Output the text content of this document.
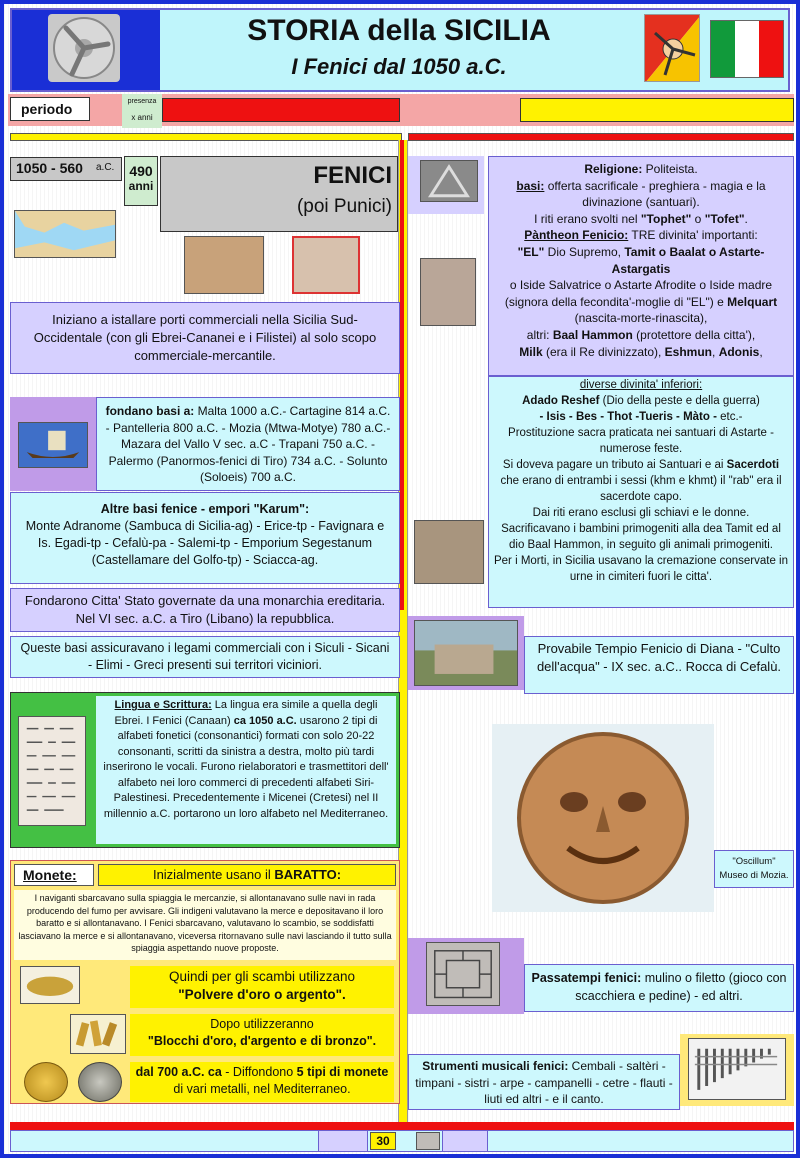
STORIA della SICILIA
I Fenici dal 1050 a.C.
periodo	presenza
x anni
1050 - 560 a.C.	490
anni	FENICI
(poi Punici)
Iniziano a istallare porti commerciali nella Sicilia Sud-Occidentale (con gli Ebrei-Cananei e i Filistei) al solo scopo commerciale-mercantile.
fondano basi a: Malta 1000 a.C.- Cartagine 814 a.C. - Pantelleria 800 a.C. - Mozia (Mtwa-Motye) 780 a.C.- Mazara del Vallo V sec. a.C - Trapani 750 a.C. - Palermo (Panormos-fenici di Tiro) 734 a.C. - Solunto (Soloeis) 700 a.C.
Altre basi fenice - empori "Karum":
Monte Adranome (Sambuca di Sicilia-ag) - Erice-tp - Favignara e Is. Egadi-tp - Cefalù-pa - Salemi-tp - Emporium Segestanum (Castellamare del Golfo-tp) - Sciacca-ag.
Fondarono Citta' Stato governate da una monarchia ereditaria. Nel VI sec. a.C. a Tiro (Libano) la repubblica.
Queste basi assicuravano i legami commerciali con i Siculi - Sicani - Elimi - Greci presenti sui territori viciniori.
Lingua e Scrittura: La lingua era simile a quella degli Ebrei. I Fenici (Canaan) ca 1050 a.C. usarono 2 tipi di alfabeti fonetici (consonantici) formati con solo 20-22 consonanti, scritti da sinistra a destra, molto più tardi inserirono le vocali. Furono rielaboratori e trasmettitori dell' alfabeto nei loro commerci di precedenti alfabeti Siri-Palestinesi. Precedentemente i Micenei (Cretesi) nel II millennio a.C. portarono un loro alfabeto nel Mediterraneo.
Monete:	Inizialmente usano il BARATTO:
I naviganti sbarcavano sulla spiaggia le mercanzie, si allontanavano sulle navi in rada producendo del fumo per avvisare. Gli indigeni valutavano la merce e depositavano il loro baratto e si allontanavano. I Fenici sbarcavano, valutavano lo scambio, se soddisfatti lasciavano la merce e si allontanavano, viceversa ritornavano sulle navi lasciando il tutto sulla spiaggia aspettando nuove proposte.
Quindi per gli scambi utilizzano
"Polvere d'oro o argento".
Dopo utilizzeranno
"Blocchi d'oro, d'argento e di bronzo".
dal 700 a.C. ca - Diffondono 5 tipi di monete di vari metalli, nel Mediterraneo.
Religione: Politeista.
basi: offerta sacrificale - preghiera - magia e la divinazione (santuari).
I riti erano svolti nel "Tophet" o "Tofet".
Pàntheon Fenicio: TRE divinita' importanti:
"EL" Dio Supremo, Tamit o Baalat o Astarte-Astargatis
o Iside Salvatrice o Astarte Afrodite o Iside madre (signora della fecondita'-moglie di "EL") e Melquart (nascita-morte-rinascita),
altri: Baal Hammon (protettore della citta'),
Milk (era il Re divinizzato), Eshmun, Adonis,
diverse divinita' inferiori:
Adado Reshef (Dio della peste e della guerra)
- Isis - Bes - Thot -Tueris - Màto - etc.-
Prostituzione sacra praticata nei santuari di Astarte - numerose feste.
Si doveva pagare un tributo ai Santuari e ai Sacerdoti che erano di entrambi i sessi (khm e khmt) il "rab" era il sacerdote capo.
Dai riti erano esclusi gli schiavi e le donne.
Sacrificavano i bambini primogeniti alla dea Tamit ed al dio Baal Hammon, in seguito gli animali primogeniti.
Per i Morti, in Sicilia usavano la cremazione conservate in urne in cimiteri fuori le citta'.
Provabile Tempio Fenicio di Diana - "Culto dell'acqua" - IX sec. a.C.. Rocca di Cefalù.
"Oscillum"
Museo di Mozia.
Passatempi fenici: mulino o filetto (gioco con scacchiera e pedine) - ed altri.
Strumenti musicali fenici: Cembali - saltèri - timpani - sistri - arpe - campanelli - cetre - flauti - liuti ed altri - e il canto.
30
